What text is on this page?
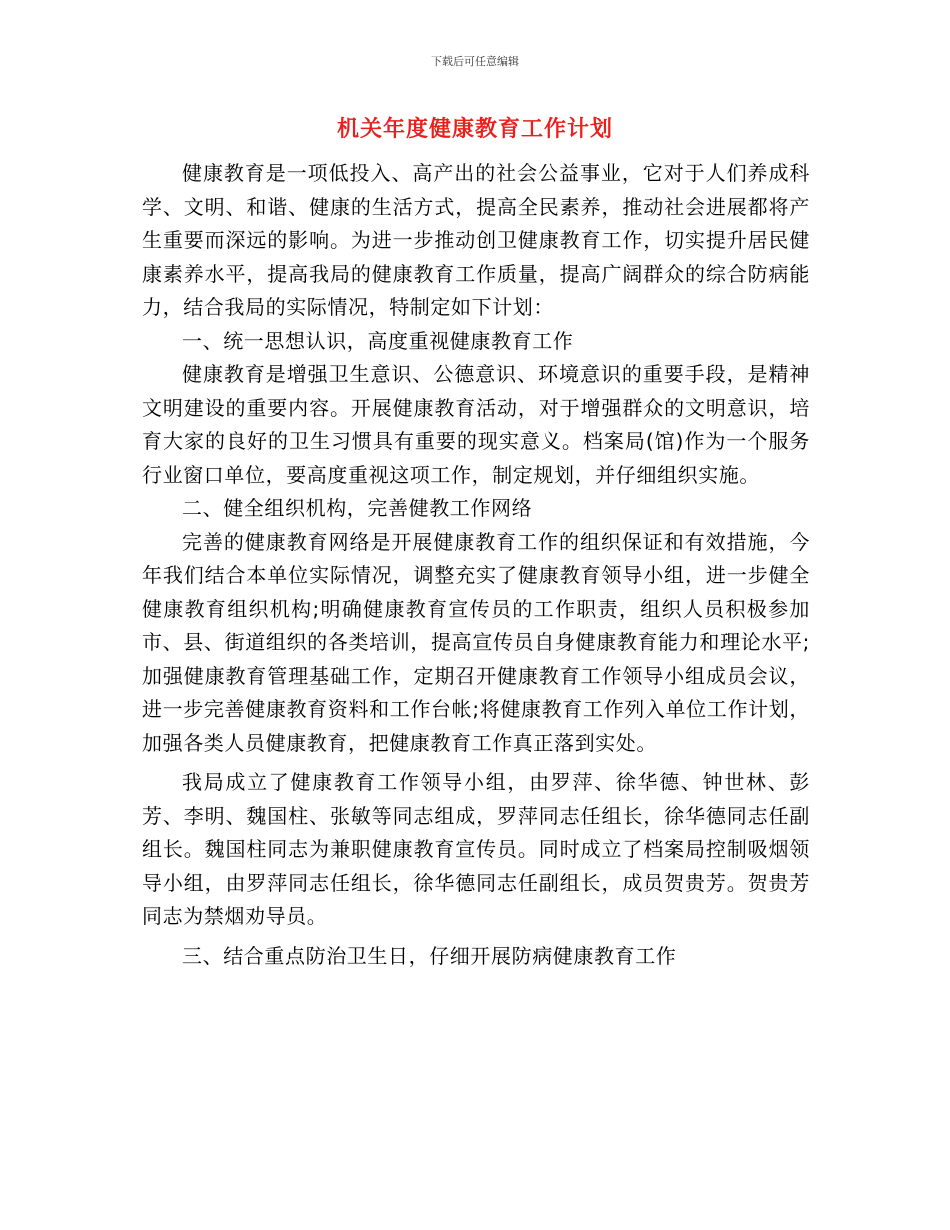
下载后可任意编辑
机关年度健康教育工作计划

健康教育是一项低投入、高产出的社会公益事业，它对于人们养成科学、文明、和谐、健康的生活方式，提高全民素养，推动社会进展都将产生重要而深远的影响。为进一步推动创卫健康教育工作，切实提升居民健康素养水平，提高我局的健康教育工作质量，提高广阔群众的综合防病能力，结合我局的实际情况，特制定如下计划：

一、统一思想认识，高度重视健康教育工作

健康教育是增强卫生意识、公德意识、环境意识的重要手段，是精神文明建设的重要内容。开展健康教育活动，对于增强群众的文明意识，培育大家的良好的卫生习惯具有重要的现实意义。档案局(馆)作为一个服务行业窗口单位，要高度重视这项工作，制定规划，并仔细组织实施。

二、健全组织机构，完善健教工作网络

完善的健康教育网络是开展健康教育工作的组织保证和有效措施，今年我们结合本单位实际情况，调整充实了健康教育领导小组，进一步健全健康教育组织机构;明确健康教育宣传员的工作职责，组织人员积极参加市、县、街道组织的各类培训，提高宣传员自身健康教育能力和理论水平;加强健康教育管理基础工作，定期召开健康教育工作领导小组成员会议，进一步完善健康教育资料和工作台帐;将健康教育工作列入单位工作计划，加强各类人员健康教育，把健康教育工作真正落到实处。

我局成立了健康教育工作领导小组，由罗萍、徐华德、钟世林、彭芳、李明、魏国柱、张敏等同志组成，罗萍同志任组长，徐华德同志任副组长。魏国柱同志为兼职健康教育宣传员。同时成立了档案局控制吸烟领导小组，由罗萍同志任组长，徐华德同志任副组长，成员贺贵芳。贺贵芳同志为禁烟劝导员。

三、结合重点防治卫生日，仔细开展防病健康教育工作
